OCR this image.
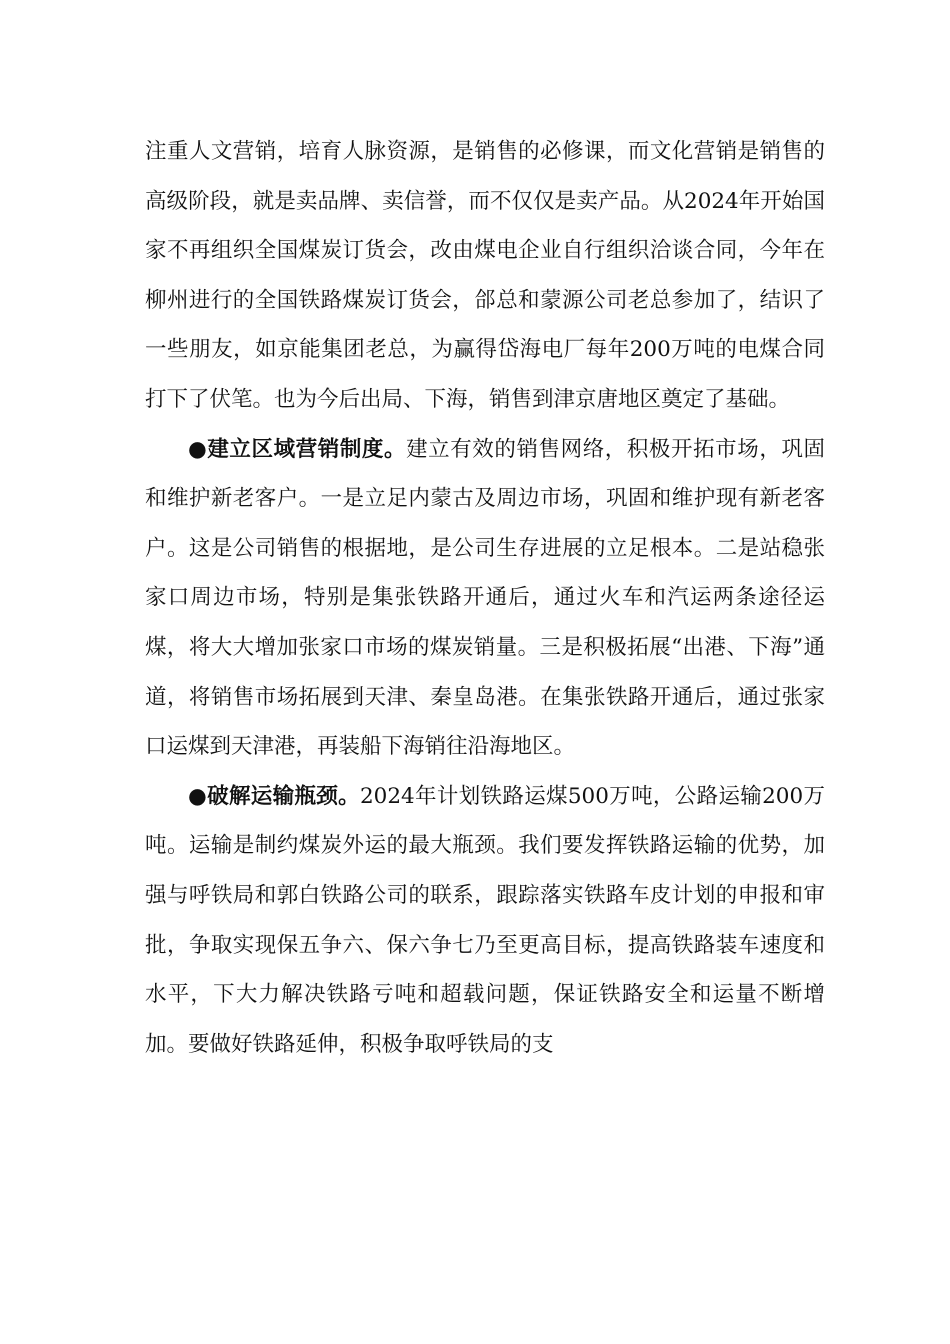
注重人文营销，培育人脉资源，是销售的必修课，而文化营销是销售的高级阶段，就是卖品牌、卖信誉，而不仅仅是卖产品。从2024年开始国家不再组织全国煤炭订货会，改由煤电企业自行组织洽谈合同，今年在柳州进行的全国铁路煤炭订货会，郃总和蒙源公司老总参加了，结识了一些朋友，如京能集团老总，为赢得岱海电厂每年200万吨的电煤合同打下了伏笔。也为今后出局、下海，销售到津京唐地区奠定了基础。

●建立区域营销制度。建立有效的销售网络，积极开拓市场，巩固和维护新老客户。一是立足内蒙古及周边市场，巩固和维护现有新老客户。这是公司销售的根据地，是公司生存进展的立足根本。二是站稳张家口周边市场，特别是集张铁路开通后，通过火车和汽运两条途径运煤，将大大增加张家口市场的煤炭销量。三是积极拓展“出港、下海”通道，将销售市场拓展到天津、秦皇岛港。在集张铁路开通后，通过张家口运煤到天津港，再装船下海销往沿海地区。

●破解运输瓶颈。2024年计划铁路运煤500万吨，公路运输200万吨。运输是制约煤炭外运的最大瓶颈。我们要发挥铁路运输的优势，加强与呼铁局和郭白铁路公司的联系，跟踪落实铁路车皮计划的申报和审批，争取实现保五争六、保六争七乃至更高目标，提高铁路装车速度和水平，下大力解决铁路亏吨和超载问题，保证铁路安全和运量不断增加。要做好铁路延伸，积极争取呼铁局的支
